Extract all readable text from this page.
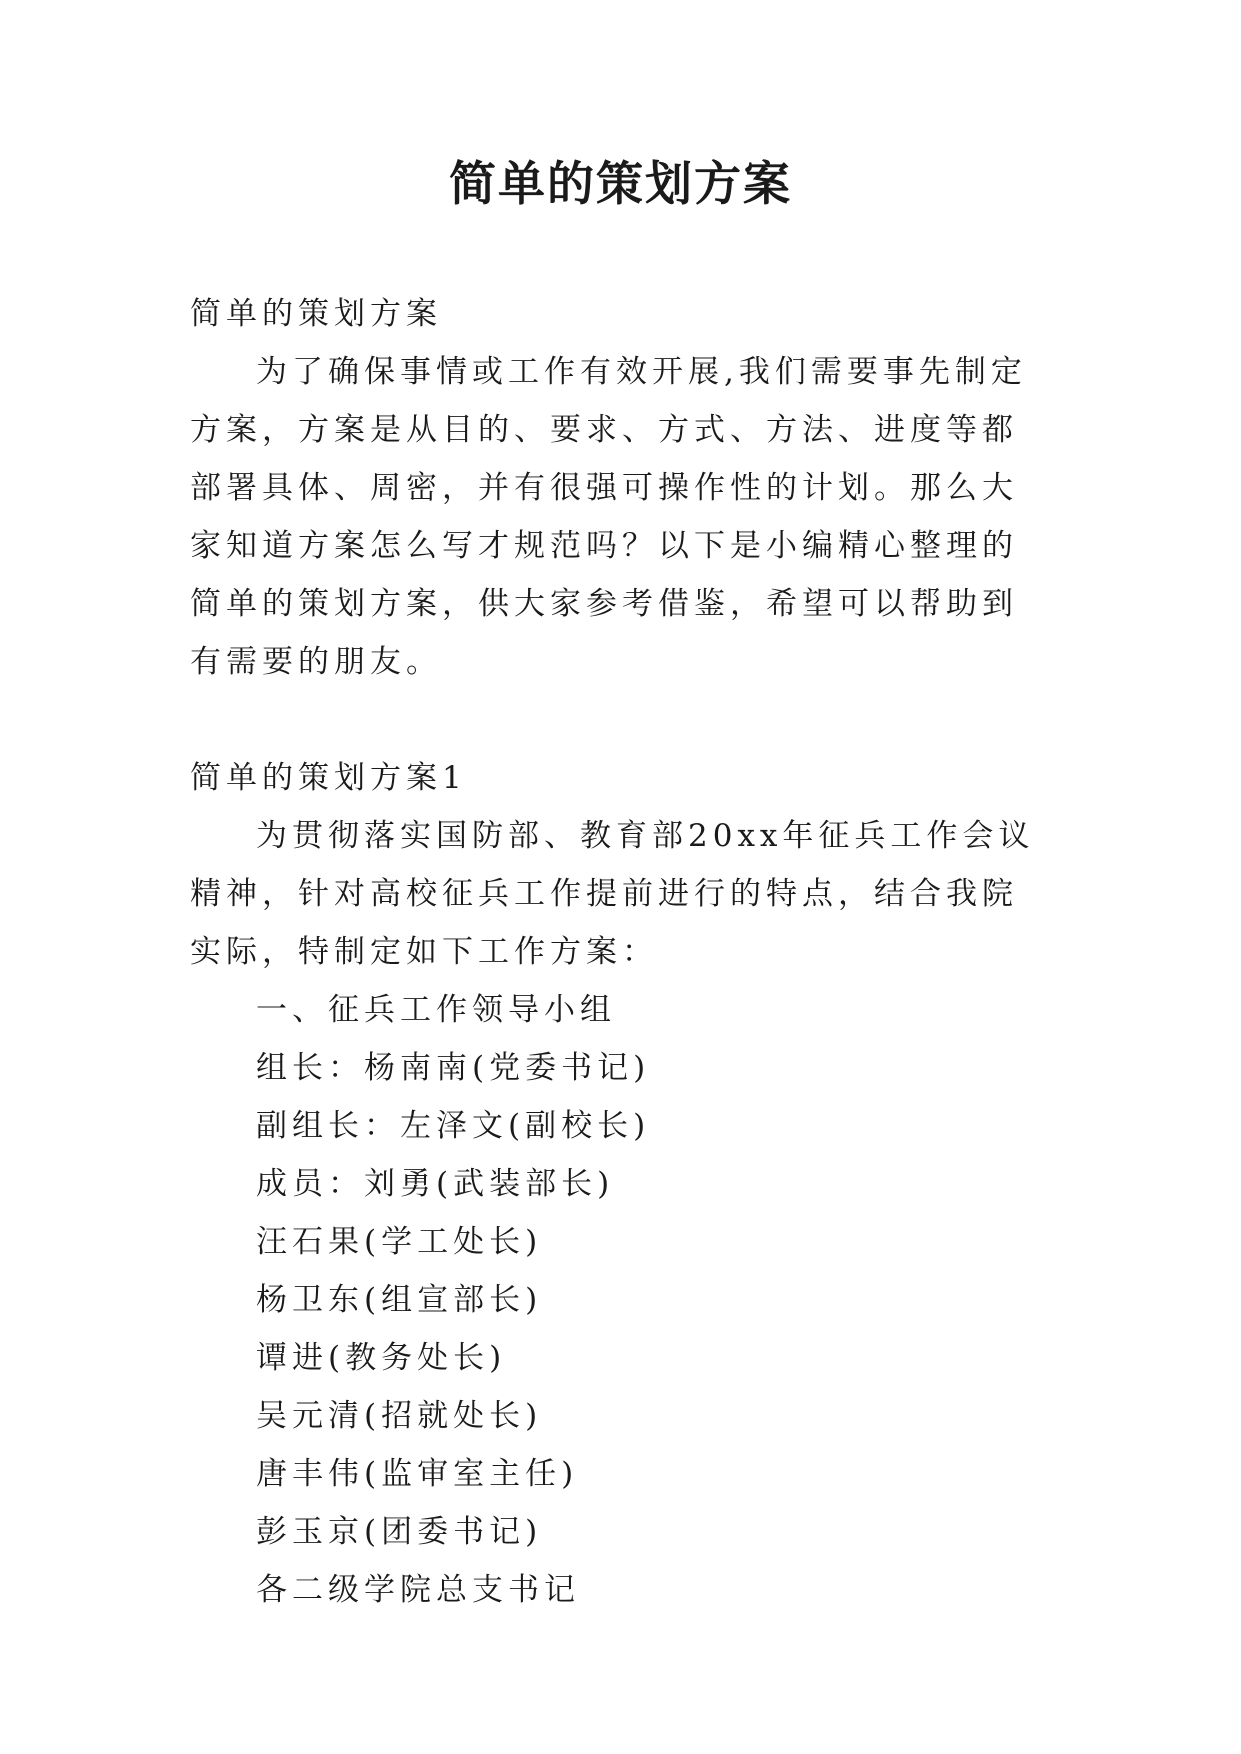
简单的策划方案

简单的策划方案

为了确保事情或工作有效开展,我们需要事先制定方案，方案是从目的、要求、方式、方法、进度等都部署具体、周密，并有很强可操作性的计划。那么大家知道方案怎么写才规范吗？以下是小编精心整理的简单的策划方案，供大家参考借鉴，希望可以帮助到有需要的朋友。

简单的策划方案1

为贯彻落实国防部、教育部20xx年征兵工作会议精神，针对高校征兵工作提前进行的特点，结合我院实际，特制定如下工作方案：

一、征兵工作领导小组

组长：杨南南(党委书记)

副组长：左泽文(副校长)

成员：刘勇(武装部长)

汪石果(学工处长)

杨卫东(组宣部长)

谭进(教务处长)

吴元清(招就处长)

唐丰伟(监审室主任)

彭玉京(团委书记)

各二级学院总支书记
